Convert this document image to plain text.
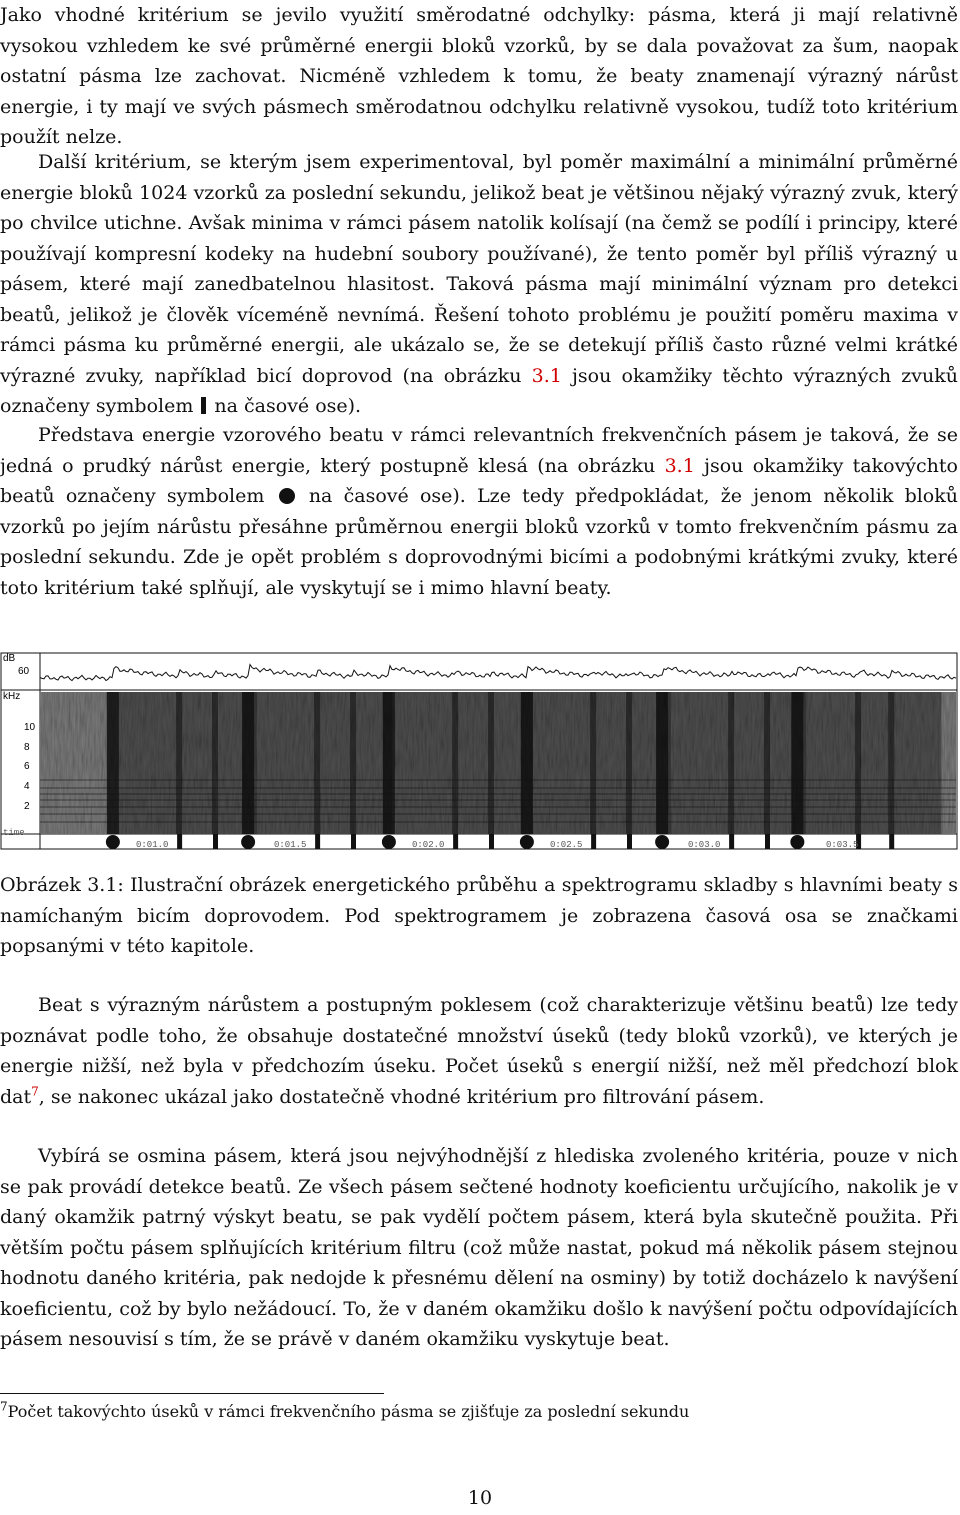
Jako vhodné kritérium se jevilo využití směrodatné odchylky: pásma, která ji mají relativně vysokou vzhledem ke své průměrné energii bloků vzorků, by se dala považovat za šum, naopak ostatní pásma lze zachovat. Nicméně vzhledem k tomu, že beaty znamenají výrazný nárůst energie, i ty mají ve svých pásmech směrodatnou odchylku relativně vysokou, tudíž toto kritérium použít nelze.

Další kritérium, se kterým jsem experimentoval, byl poměr maximální a minimální průměrné energie bloků 1024 vzorků za poslední sekundu, jelikož beat je většinou nějaký výrazný zvuk, který po chvilce utichne. Avšak minima v rámci pásem natolik kolísají (na čemž se podílí i principy, které používají kompresní kodeky na hudební soubory používané), že tento poměr byl příliš výrazný u pásem, které mají zanedbatelnou hlasitost. Taková pásma mají minimální význam pro detekci beatů, jelikož je člověk víceméně nevnímá. Řešení tohoto problému je použití poměru maxima v rámci pásma ku průměrné energii, ale ukázalo se, že se detekují příliš často různé velmi krátké výrazné zvuky, například bicí doprovod (na obrázku 3.1 jsou okamžiky těchto výrazných zvuků označeny symbolem  na časové ose).

Představa energie vzorového beatu v rámci relevantních frekvenčních pásem je taková, že se jedná o prudký nárůst energie, který postupně klesá (na obrázku 3.1 jsou okamžiky takovýchto beatů označeny symbolem  na časové ose). Lze tedy předpokládat, že jenom několik bloků vzorků po jejím nárůstu přesáhne průměrnou energii bloků vzorků v tomto frekvenčním pásmu za poslední sekundu. Zde je opět problém s doprovodnými bicími a podobnými krátkými zvuky, které toto kritérium také splňují, ale vyskytují se i mimo hlavní beaty.

dB
60
kHz
10
8
6
4
2
time
0:01.0	0:01.5	0:02.0	0:02.5	0:03.0	0:03.5

Obrázek 3.1: Ilustrační obrázek energetického průběhu a spektrogramu skladby s hlavními beaty s namíchaným bicím doprovodem. Pod spektrogramem je zobrazena časová osa se značkami popsanými v této kapitole.

Beat s výrazným nárůstem a postupným poklesem (což charakterizuje většinu beatů) lze tedy poznávat podle toho, že obsahuje dostatečné množství úseků (tedy bloků vzorků), ve kterých je energie nižší, než byla v předchozím úseku. Počet úseků s energií nižší, než měl předchozí blok dat$^7$, se nakonec ukázal jako dostatečně vhodné kritérium pro filtrování pásem.

Vybírá se osmina pásem, která jsou nejvýhodnější z hlediska zvoleného kritéria, pouze v nich se pak provádí detekce beatů. Ze všech pásem sečtené hodnoty koeficientu určujícího, nakolik je v daný okamžik patrný výskyt beatu, se pak vydělí počtem pásem, která byla skutečně použita. Při větším počtu pásem splňujících kritérium filtru (což může nastat, pokud má několik pásem stejnou hodnotu daného kritéria, pak nedojde k přesnému dělení na osminy) by totiž docházelo k navýšení koeficientu, což by bylo nežádoucí. To, že v daném okamžiku došlo k navýšení počtu odpovídajících pásem nesouvisí s tím, že se právě v daném okamžiku vyskytuje beat.

$^7$Počet takovýchto úseků v rámci frekvenčního pásma se zjišťuje za poslední sekundu
10
